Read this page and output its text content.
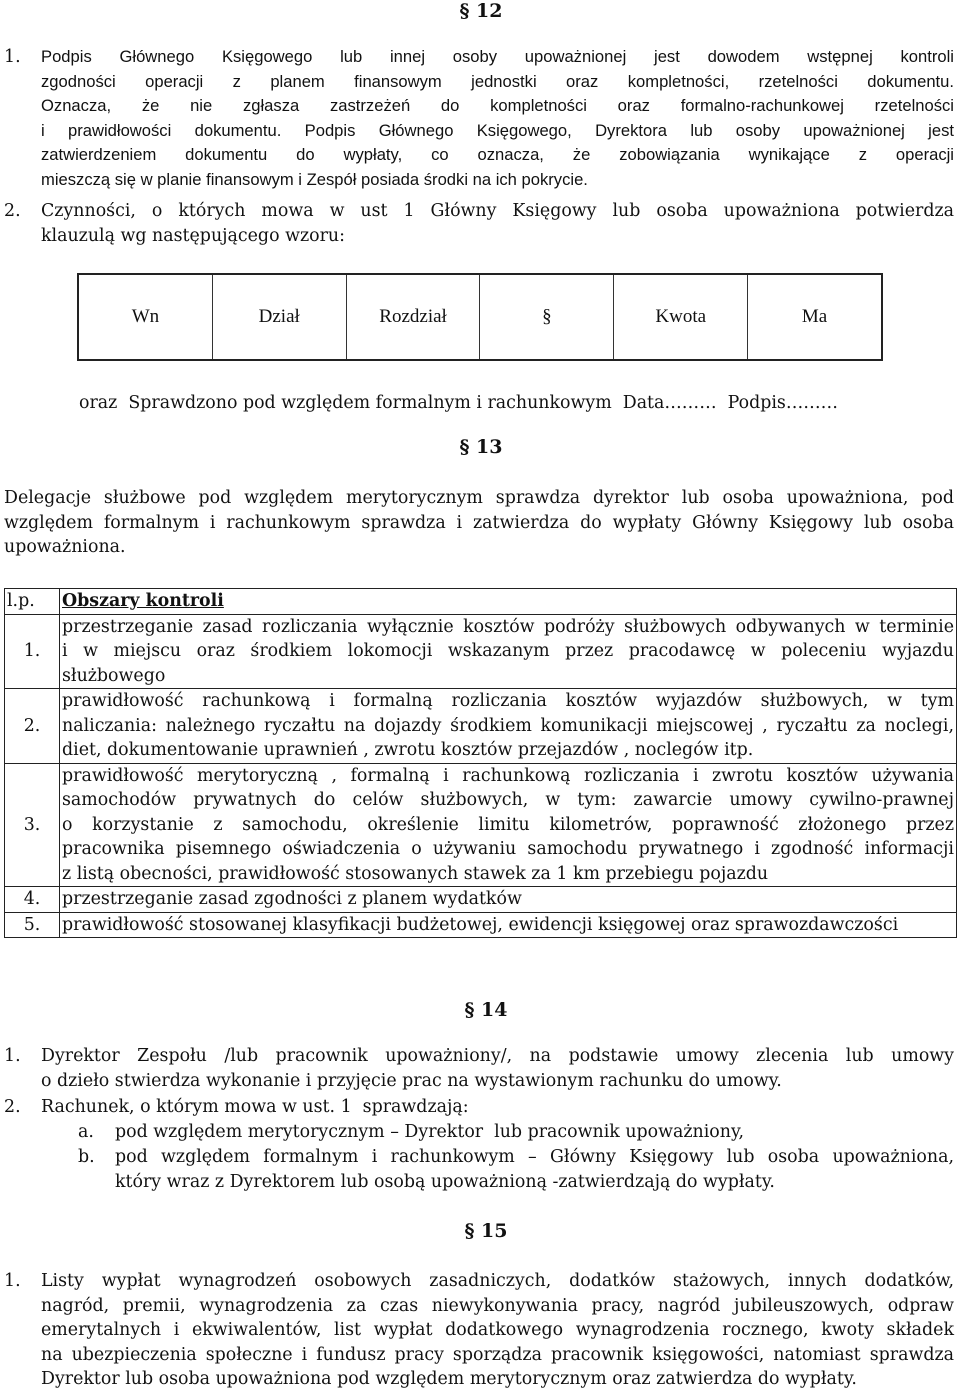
§ 12
1. Podpis Głównego Księgowego lub innej osoby upoważnionej jest dowodem wstępnej kontroli
zgodności operacji z planem finansowym jednostki oraz kompletności, rzetelności dokumentu.
Oznacza, że nie zgłasza zastrzeżeń do kompletności oraz formalno-rachunkowej rzetelności
i prawidłowości dokumentu. Podpis Głównego Księgowego, Dyrektora lub osoby upoważnionej jest
zatwierdzeniem dokumentu do wypłaty, co oznacza, że zobowiązania wynikające z operacji
mieszczą się w planie finansowym i Zespół posiada środki na ich pokrycie.
2. Czynności, o których mowa w ust 1 Główny Księgowy lub osoba upoważniona potwierdza
klauzulą wg następującego wzoru:
Wn	Dział	Rozdział	§	Kwota	Ma
oraz  Sprawdzono pod względem formalnym i rachunkowym  Data………  Podpis………
§ 13
Delegacje służbowe pod względem merytorycznym sprawdza dyrektor lub osoba upoważniona, pod
względem formalnym i rachunkowym sprawdza i zatwierdza do wypłaty Główny Księgowy lub osoba
upoważniona.
l.p.	Obszary kontroli
1.	przestrzeganie zasad rozliczania wyłącznie kosztów podróży służbowych odbywanych w terminie
i w miejscu oraz środkiem lokomocji wskazanym przez pracodawcę w poleceniu wyjazdu
służbowego

2.	prawidłowość rachunkową i formalną rozliczania kosztów wyjazdów służbowych, w tym
naliczania: należnego ryczałtu na dojazdy środkiem komunikacji miejscowej , ryczałtu za noclegi,
diet, dokumentowanie uprawnień , zwrotu kosztów przejazdów , noclegów itp.

3.	prawidłowość merytoryczną , formalną i rachunkową rozliczania i zwrotu kosztów używania
samochodów prywatnych do celów służbowych, w tym: zawarcie umowy cywilno-prawnej
o korzystanie z samochodu, określenie limitu kilometrów, poprawność złożonego przez
pracownika pisemnego oświadczenia o używaniu samochodu prywatnego i zgodność informacji
z listą obecności, prawidłowość stosowanych stawek za 1 km przebiegu pojazdu

4.	przestrzeganie zasad zgodności z planem wydatków

5.	prawidłowość stosowanej klasyfikacji budżetowej, ewidencji księgowej oraz sprawozdawczości
§ 14
1. Dyrektor Zespołu /lub pracownik upoważniony/, na podstawie umowy zlecenia lub umowy
o dzieło stwierdza wykonanie i przyjęcie prac na wystawionym rachunku do umowy.
2. Rachunek, o którym mowa w ust. 1  sprawdzają:
a. pod względem merytorycznym – Dyrektor  lub pracownik upoważniony,
b. pod względem formalnym i rachunkowym – Główny Księgowy lub osoba upoważniona,
który wraz z Dyrektorem lub osobą upoważnioną -zatwierdzają do wypłaty.
§ 15
1. Listy wypłat wynagrodzeń osobowych zasadniczych, dodatków stażowych, innych dodatków,
nagród, premii, wynagrodzenia za czas niewykonywania pracy, nagród jubileuszowych, odpraw
emerytalnych i ekwiwalentów, list wypłat dodatkowego wynagrodzenia rocznego, kwoty składek
na ubezpieczenia społeczne i fundusz pracy sporządza pracownik księgowości, natomiast sprawdza
Dyrektor lub osoba upoważniona pod względem merytorycznym oraz zatwierdza do wypłaty.
